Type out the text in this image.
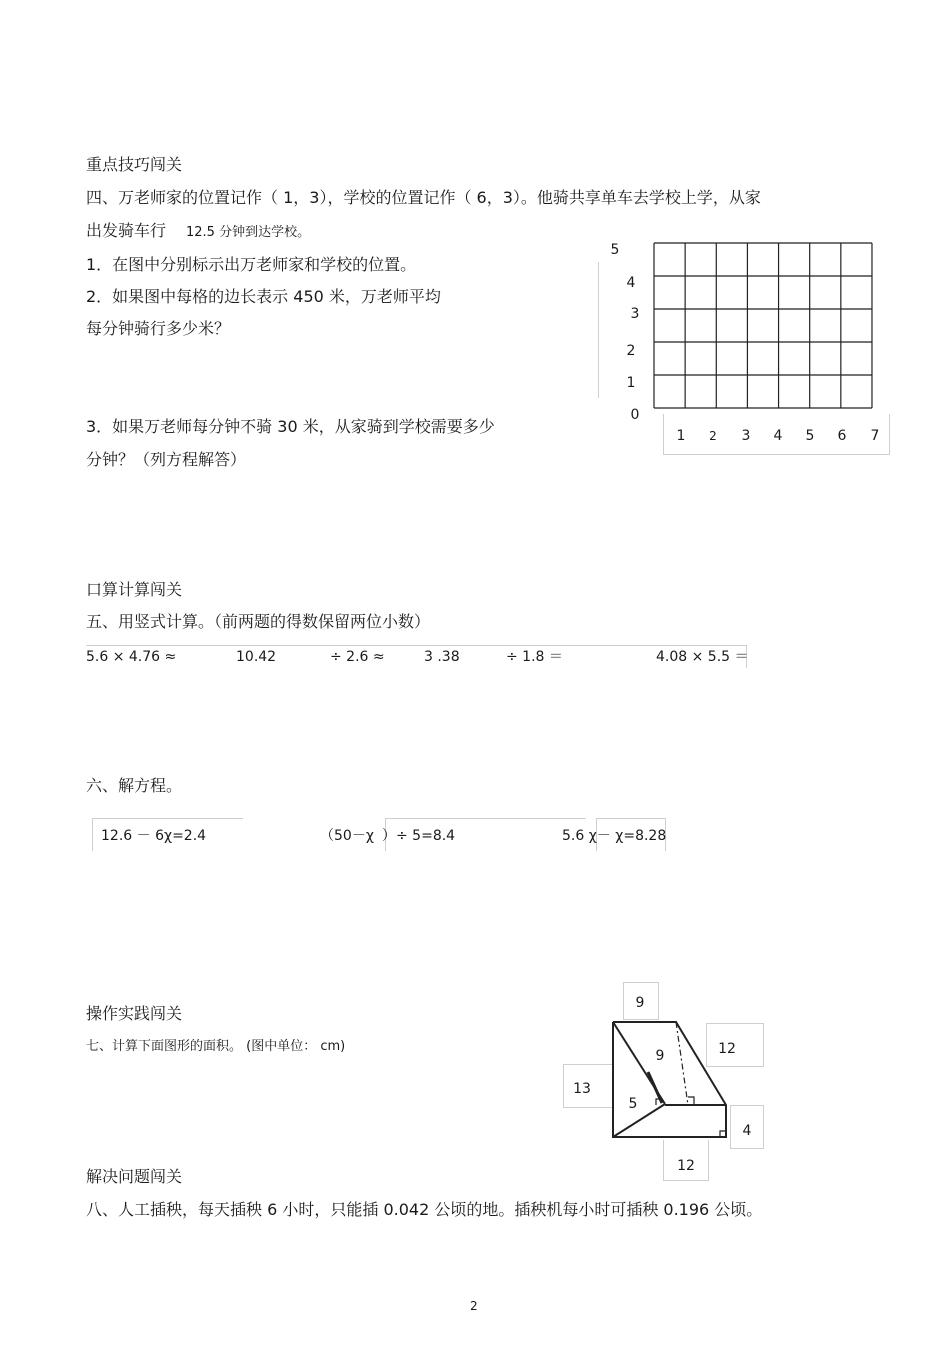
重点技巧闯关
四、万老师家的位置记作（ 1，3），学校的位置记作（ 6，3）。他骑共享单车去学校上学，从家
出发骑车行 12.5 分钟到达学校。
1．在图中分别标示出万老师家和学校的位置。
2．如果图中每格的边长表示 450 米，万老师平均
每分钟骑行多少米？
3．如果万老师每分钟不骑 30 米，从家骑到学校需要多少
分钟？（列方程解答）
5
4
3
2
1
0
1	2	3	4	5	6	7
口算计算闯关
五、用竖式计算。（前两题的得数保留两位小数）
5.6 × 4.76 ≈	10.42	÷ 2.6 ≈	3 .38	÷ 1.8 ＝	4.08 × 5.5 ＝
六、解方程。
12.6 － 6χ=2.4	（50－χ ）÷ 5=8.4	5.6 χ－ χ=8.28
操作实践闯关
七、计算下面图形的面积。 (图中单位： cm)
9
9	12
13
5
4
12
解决问题闯关
八、人工插秧，每天插秧 6 小时，只能插 0.042 公顷的地。插秧机每小时可插秧 0.196 公顷。
2
